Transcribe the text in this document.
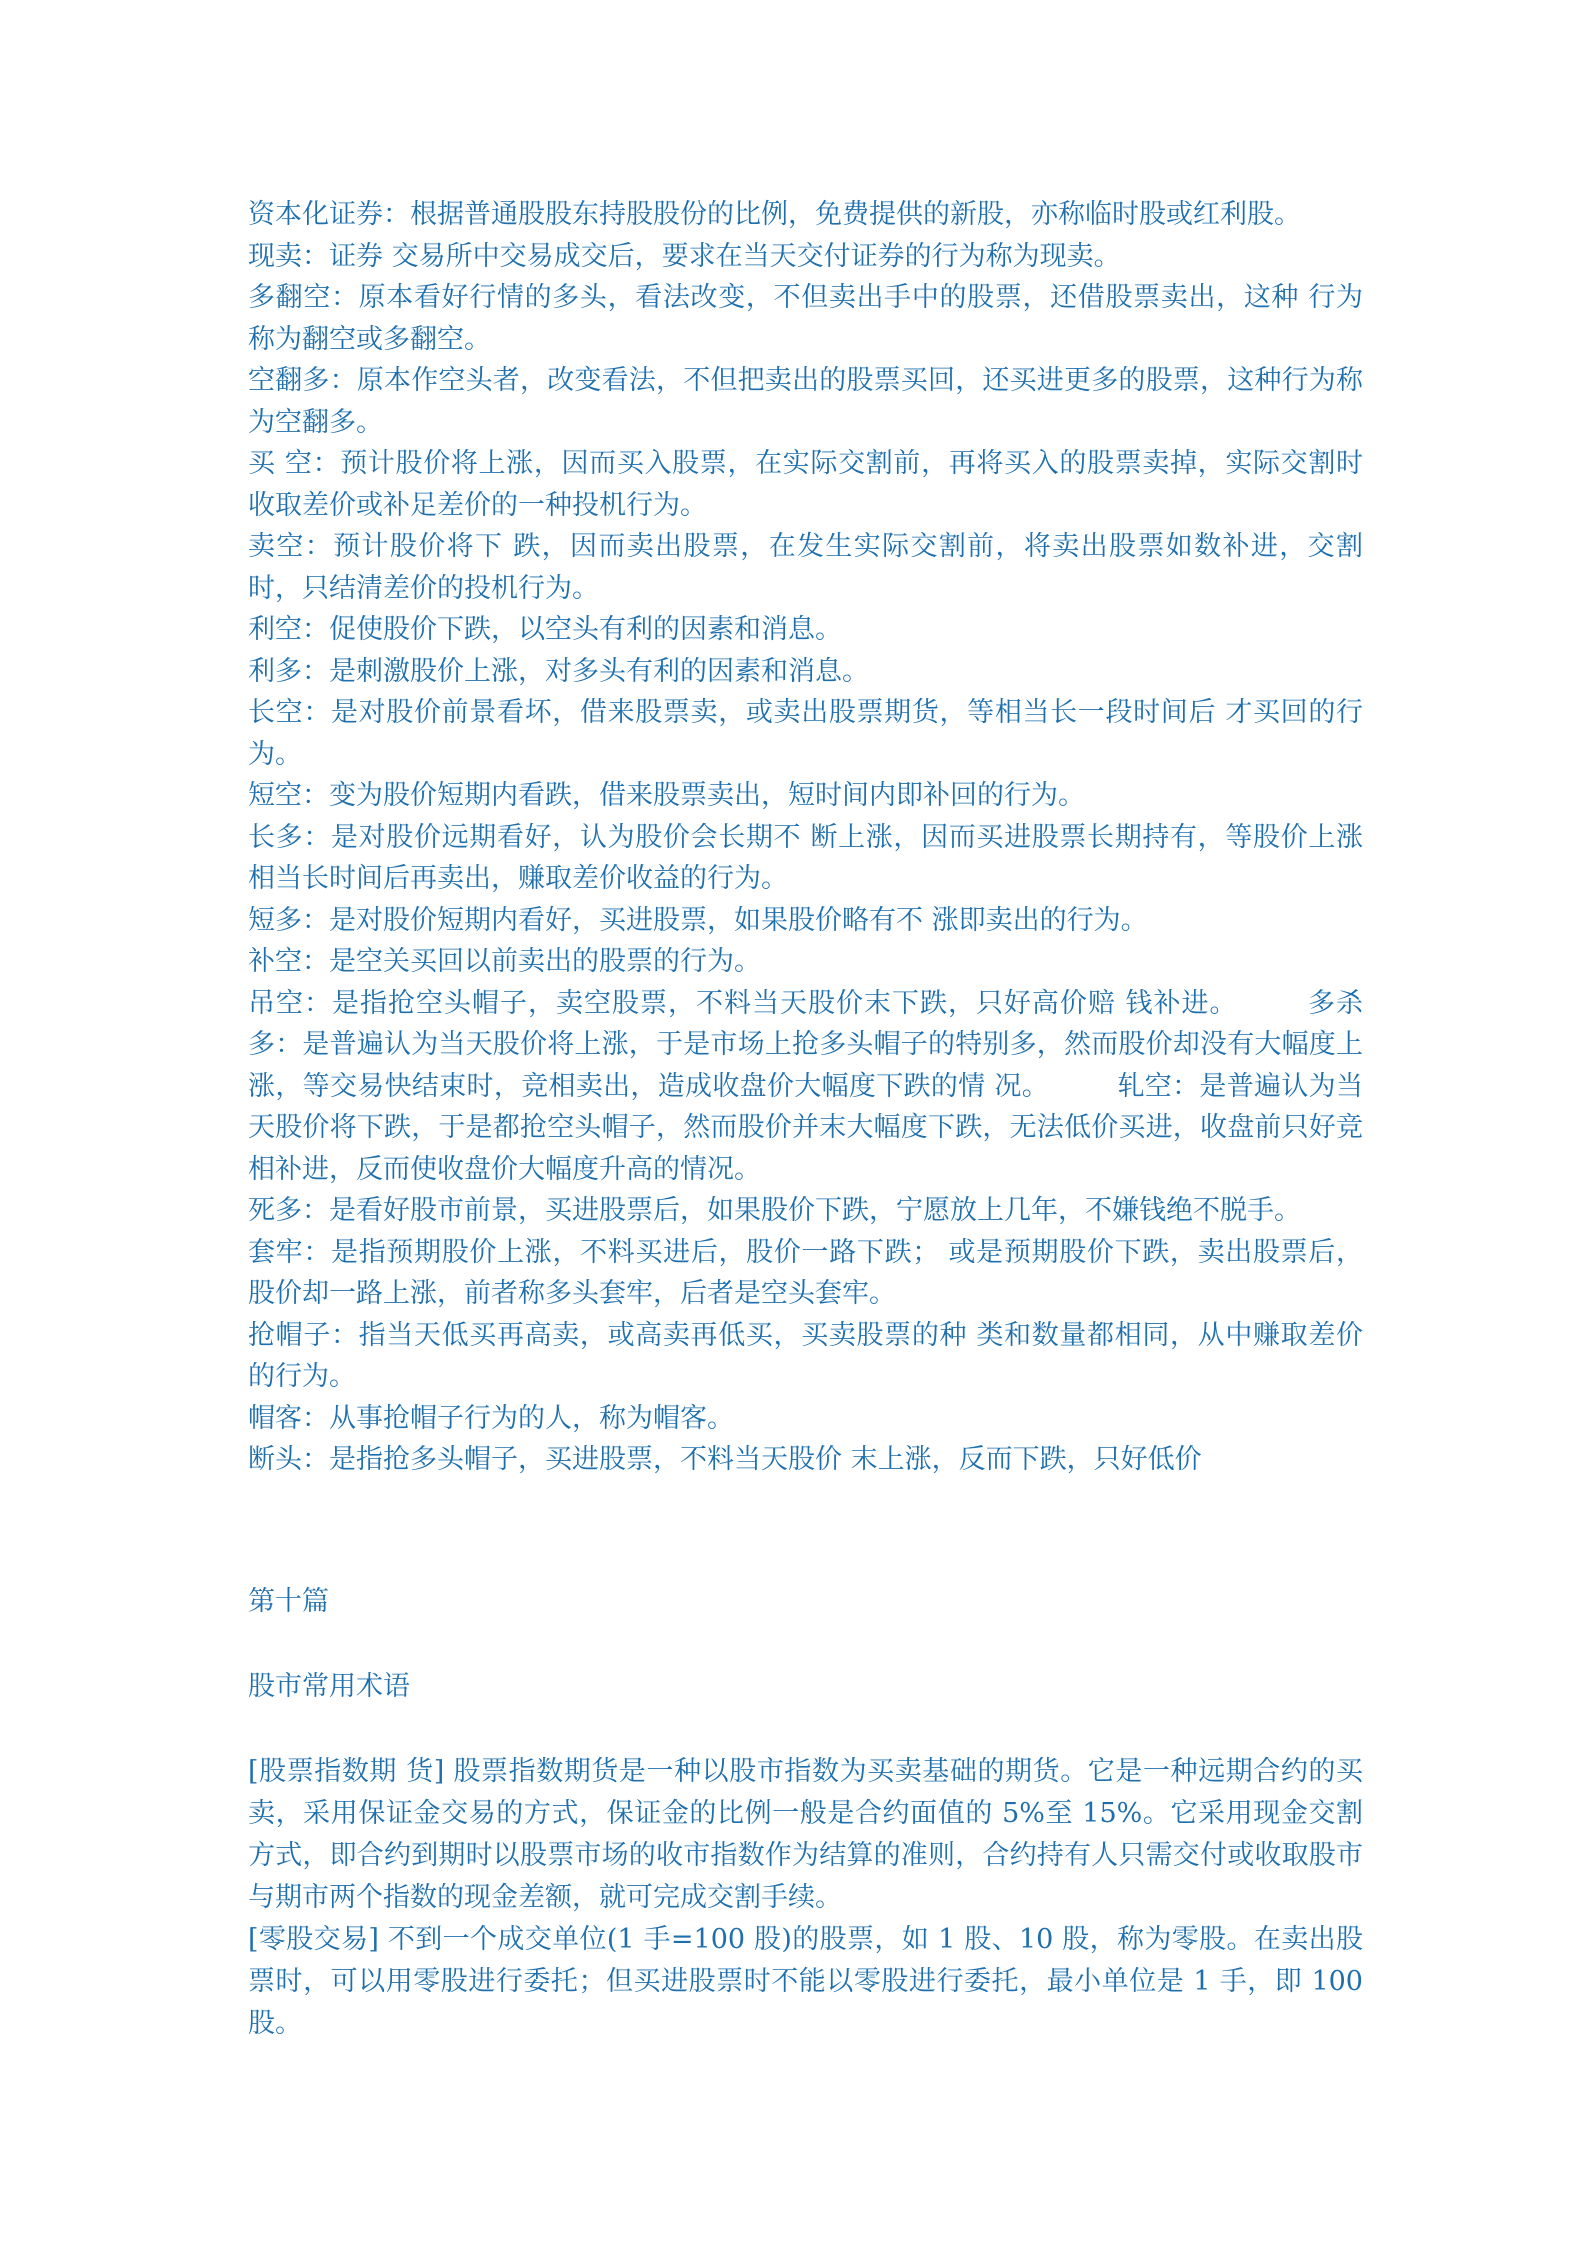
资本化证券：根据普通股股东持股股份的比例，免费提供的新股，亦称临时股或红利股。

现卖：证券 交易所中交易成交后，要求在当天交付证券的行为称为现卖。

多翻空：原本看好行情的多头，看法改变，不但卖出手中的股票，还借股票卖出，这种 行为称为翻空或多翻空。

空翻多：原本作空头者，改变看法，不但把卖出的股票买回，还买进更多的股票，这种行为称为空翻多。

买 空：预计股价将上涨，因而买入股票，在实际交割前，再将买入的股票卖掉，实际交割时收取差价或补足差价的一种投机行为。

卖空：预计股价将下 跌，因而卖出股票，在发生实际交割前，将卖出股票如数补进，交割时，只结清差价的投机行为。

利空：促使股价下跌，以空头有利的因素和消息。

利多：是刺激股价上涨，对多头有利的因素和消息。

长空：是对股价前景看坏，借来股票卖，或卖出股票期货，等相当长一段时间后 才买回的行为。

短空：变为股价短期内看跌，借来股票卖出，短时间内即补回的行为。

长多：是对股价远期看好，认为股价会长期不 断上涨，因而买进股票长期持有，等股价上涨相当长时间后再卖出，赚取差价收益的行为。

短多：是对股价短期内看好，买进股票，如果股价略有不 涨即卖出的行为。

补空：是空关买回以前卖出的股票的行为。

吊空：是指抢空头帽子，卖空股票，不料当天股价末下跌，只好高价赔 钱补进。　　　多杀多：是普遍认为当天股价将上涨，于是市场上抢多头帽子的特别多，然而股价却没有大幅度上涨，等交易快结束时，竞相卖出，造成收盘价大幅度下跌的情 况。　　　轧空：是普遍认为当天股价将下跌，于是都抢空头帽子，然而股价并末大幅度下跌，无法低价买进，收盘前只好竞相补进，反而使收盘价大幅度升高的情况。

死多：是看好股市前景，买进股票后，如果股价下跌，宁愿放上几年，不嫌钱绝不脱手。

套牢：是指预期股价上涨，不料买进后，股价一路下跌； 或是预期股价下跌，卖出股票后，股价却一路上涨，前者称多头套牢，后者是空头套牢。

抢帽子：指当天低买再高卖，或高卖再低买，买卖股票的种 类和数量都相同，从中赚取差价的行为。

帽客：从事抢帽子行为的人，称为帽客。

断头：是指抢多头帽子，买进股票，不料当天股价 末上涨，反而下跌，只好低价

第十篇

股市常用术语

[股票指数期 货] 股票指数期货是一种以股市指数为买卖基础的期货。它是一种远期合约的买卖，采用保证金交易的方式，保证金的比例一般是合约面值的 5%至 15%。它采用现金交割方式，即合约到期时以股票市场的收市指数作为结算的准则，合约持有人只需交付或收取股市与期市两个指数的现金差额，就可完成交割手续。

[零股交易] 不到一个成交单位(1 手=100 股)的股票，如 1 股、10 股，称为零股。在卖出股票时，可以用零股进行委托；但买进股票时不能以零股进行委托，最小单位是 1 手，即 100 股。
